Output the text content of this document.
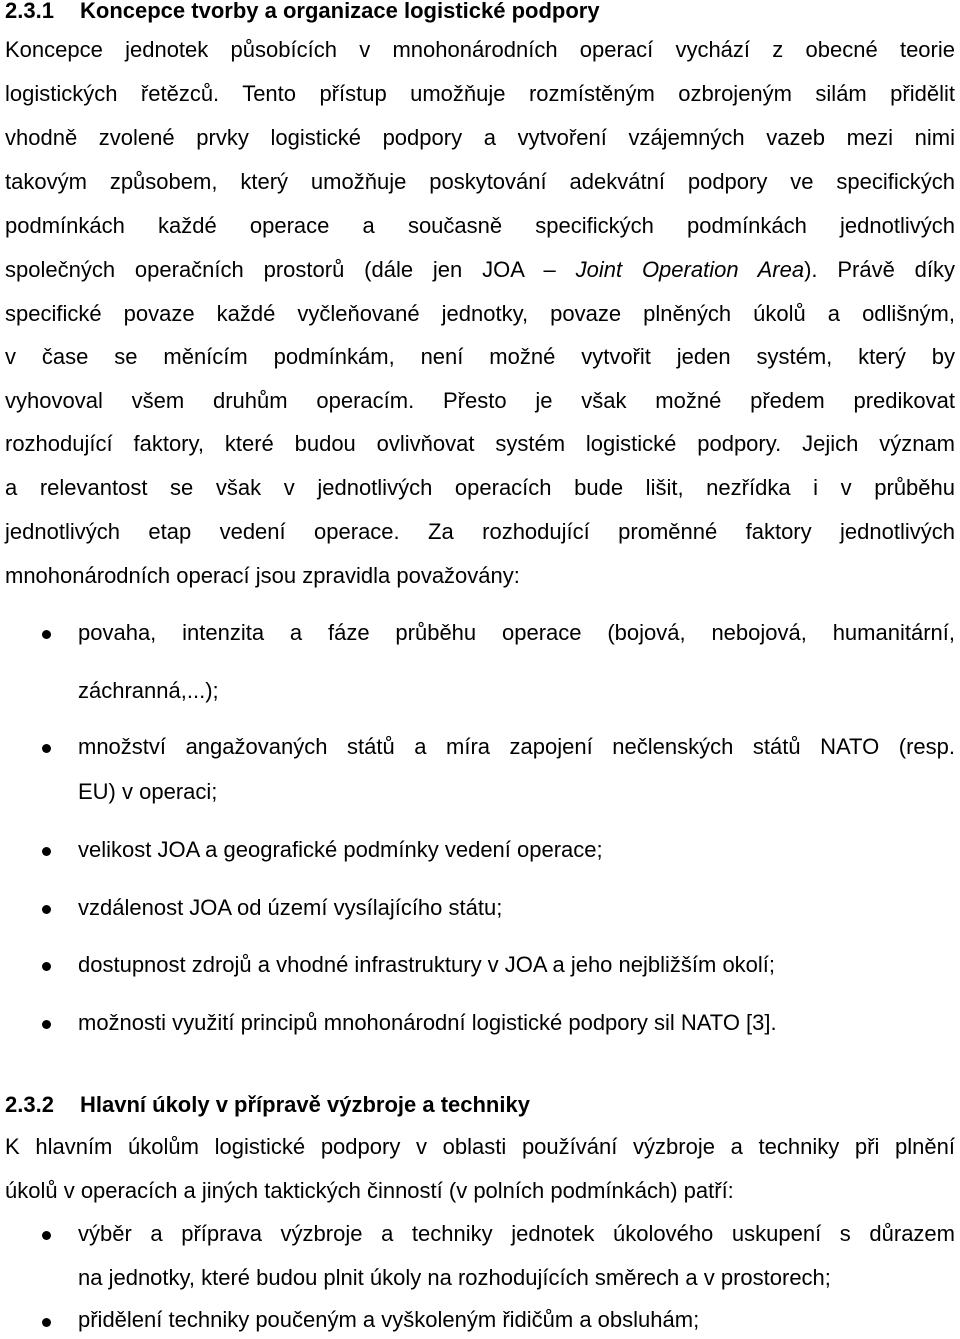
2.3.1 Koncepce tvorby a organizace logistické podpory
Koncepce jednotek působících v mnohonárodních operací vychází z obecné teorie
logistických řetězců. Tento přístup umožňuje rozmístěným ozbrojeným silám přidělit
vhodně zvolené prvky logistické podpory a vytvoření vzájemných vazeb mezi nimi
takovým způsobem, který umožňuje poskytování adekvátní podpory ve specifických
podmínkách každé operace a současně specifických podmínkách jednotlivých
společných operačních prostorů (dále jen JOA – Joint Operation Area). Právě díky
specifické povaze každé vyčleňované jednotky, povaze plněných úkolů a odlišným,
v čase se měnícím podmínkám, není možné vytvořit jeden systém, který by
vyhovoval všem druhům operacím. Přesto je však možné předem predikovat
rozhodující faktory, které budou ovlivňovat systém logistické podpory. Jejich význam
a relevantost se však v jednotlivých operacích bude lišit, nezřídka i v průběhu
jednotlivých etap vedení operace. Za rozhodující proměnné faktory jednotlivých
mnohonárodních operací jsou zpravidla považovány:
povaha, intenzita a fáze průběhu operace (bojová, nebojová, humanitární,
záchranná,...);
množství angažovaných států a míra zapojení nečlenských států NATO (resp.
EU) v operaci;
velikost JOA a geografické podmínky vedení operace;
vzdálenost JOA od území vysílajícího státu;
dostupnost zdrojů a vhodné infrastruktury v JOA a jeho nejbližším okolí;
možnosti využití principů mnohonárodní logistické podpory sil NATO [3].
2.3.2 Hlavní úkoly v přípravě výzbroje a techniky
K hlavním úkolům logistické podpory v oblasti používání výzbroje a techniky při plnění
úkolů v operacích a jiných taktických činností (v polních podmínkách) patří:
výběr a příprava výzbroje a techniky jednotek úkolového uskupení s důrazem
na jednotky, které budou plnit úkoly na rozhodujících směrech a v prostorech;
přidělení techniky poučeným a vyškoleným řidičům a obsluhám;
